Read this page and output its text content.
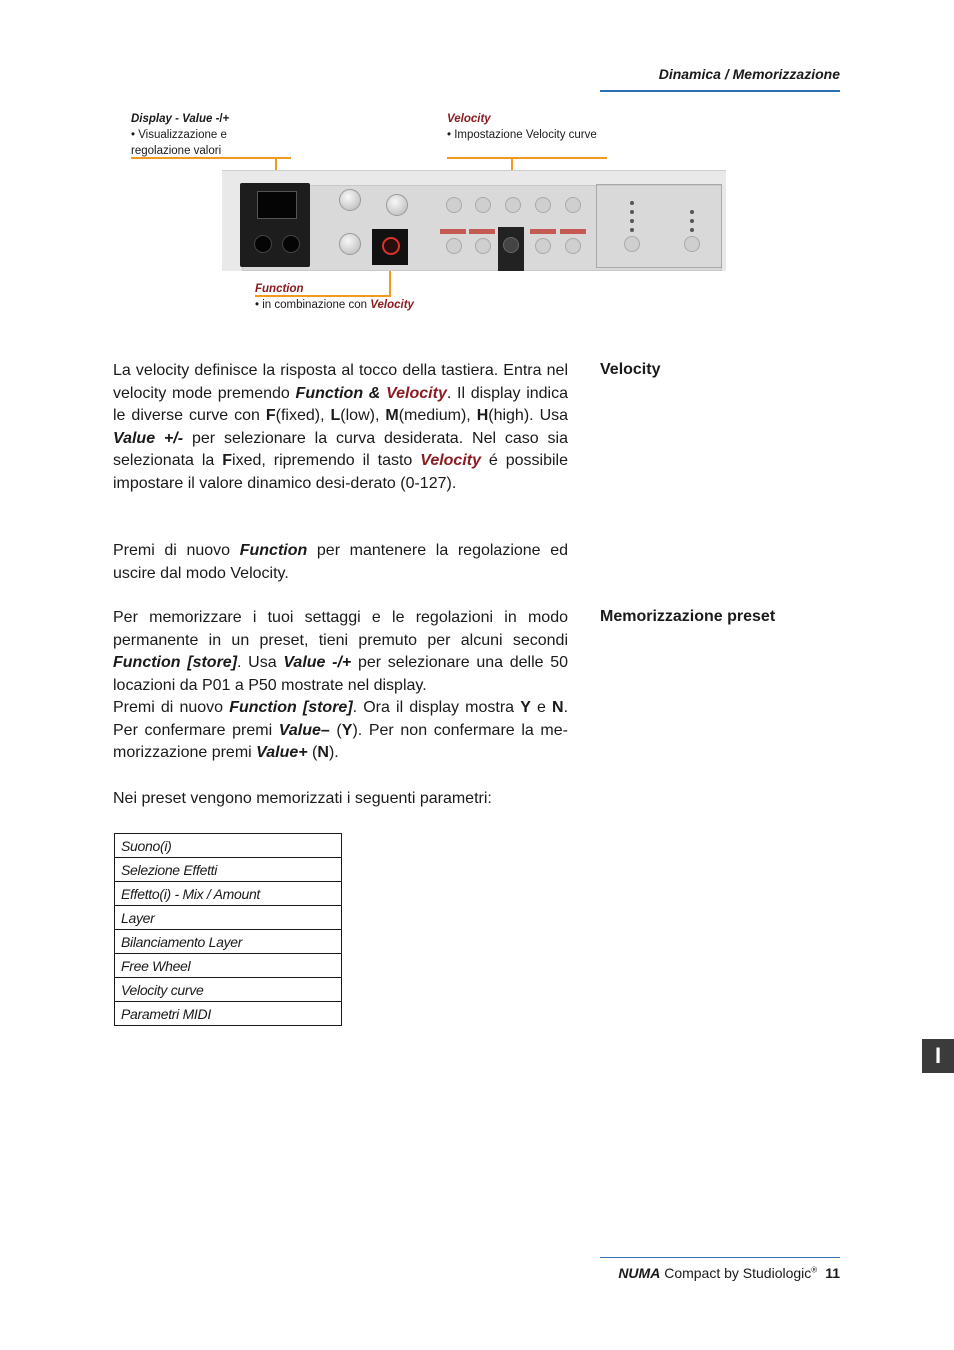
Dinamica / Memorizzazione
Display - Value -/+
• Visualizzazione e
regolazione valori
Velocity
• Impostazione Velocity curve
Function
• in combinazione con Velocity
Velocity
La velocity definisce la risposta al tocco della tastiera. Entra nel velocity mode premendo Function & Velocity. Il display indica le diverse curve con F(fixed), L(low), M(medium), H(high). Usa Value +/- per selezionare la curva desiderata. Nel caso sia selezionata la Fixed, ripremendo il tasto Velocity é possibile impostare il valore dinamico desi-derato (0-127).
Premi di nuovo Function per mantenere la regolazione ed uscire dal modo Velocity.
Memorizzazione preset
Per memorizzare i tuoi settaggi e le regolazioni in modo permanente in un preset, tieni premuto per alcuni secondi Function [store]. Usa Value -/+ per selezionare una delle 50 locazioni da P01 a P50 mostrate nel display.
Premi di nuovo Function [store]. Ora il display mostra Y e N. Per confermare premi Value– (Y). Per non confermare la me-morizzazione premi Value+ (N).
Nei preset vengono memorizzati i seguenti parametri:
Suono(i)
Selezione Effetti
Effetto(i) - Mix / Amount
Layer
Bilanciamento Layer
Free Wheel
Velocity curve
Parametri MIDI
I
NUMA Compact by Studiologic® 11
